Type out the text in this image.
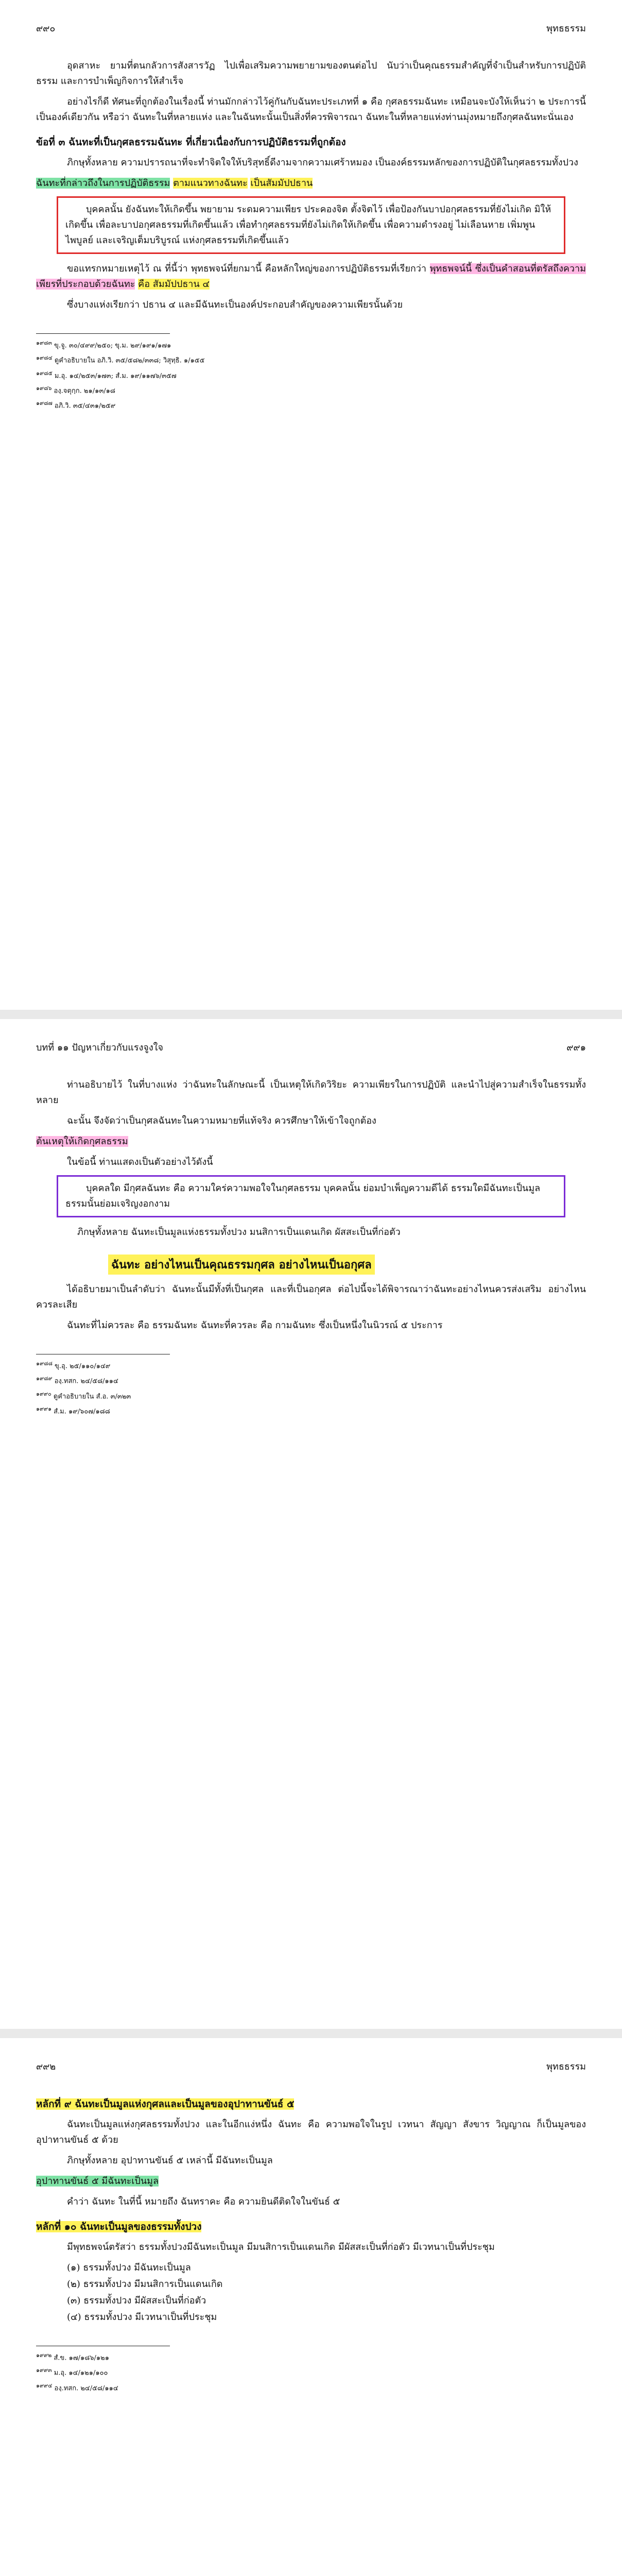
๙๙๐	พุทธธรรม

อุดสาหะ ยามที่ตนกลัวการสังสารวัฏ ไปเพื่อเสริมความพยายามของตนต่อไป นับว่าเป็นคุณธรรมสำคัญที่จำเป็นสำหรับการปฏิบัติธรรม และการบำเพ็ญกิจการให้สำเร็จ

อย่างไรก็ดี ทัศนะที่ถูกต้องในเรื่องนี้ ท่านมักกล่าวไว้คู่กันกับฉันทะประเภทที่ ๑ คือ กุศลธรรมฉันทะ เหมือนจะบังให้เห็นว่า ๒ ประการนี้เป็นองค์เดียวกัน หรือว่า ฉันทะในที่หลายแห่ง และในฉันทะนั้นเป็นสิ่งที่ควรพิจารณา ฉันทะในที่หลายแห่งท่านมุ่งหมายถึงกุศลฉันทะนั่นเอง

ข้อที่ ๓ ฉันทะที่เป็นกุศลธรรมฉันทะ ที่เกี่ยวเนื่องกับการปฏิบัติธรรมที่ถูกต้อง

ภิกษุทั้งหลาย ความปรารถนาที่จะทำจิตใจให้บริสุทธิ์ดีงามจากความเศร้าหมอง เป็นองค์ธรรมหลักของการปฏิบัติในกุศลธรรมทั้งปวง

ฉันทะที่กล่าวถึงในการปฏิบัติธรรม ตามแนวทางฉันทะ เป็นสัมมัปปธาน

บุคคลนั้น ยังฉันทะให้เกิดขึ้น พยายาม ระดมความเพียร ประคองจิต ตั้งจิตไว้ เพื่อป้องกันบาปอกุศลธรรมที่ยังไม่เกิด มิให้เกิดขึ้น เพื่อละบาปอกุศลธรรมที่เกิดขึ้นแล้ว เพื่อทำกุศลธรรมที่ยังไม่เกิดให้เกิดขึ้น เพื่อความดำรงอยู่ ไม่เลือนหาย เพิ่มพูน ไพบูลย์ และเจริญเต็มบริบูรณ์ แห่งกุศลธรรมที่เกิดขึ้นแล้ว

ขอแทรกหมายเหตุไว้ ณ ที่นี้ว่า พุทธพจน์ที่ยกมานี้ คือหลักใหญ่ของการปฏิบัติธรรมที่เรียกว่า พุทธพจน์นี้ ซึ่งเป็นคำสอนที่ตรัสถึงความเพียรที่ประกอบด้วยฉันทะ คือ สัมมัปปธาน ๔

ซึ่งบางแห่งเรียกว่า ปธาน ๔ และมีฉันทะเป็นองค์ประกอบสำคัญของความเพียรนั้นด้วย

$^{๑๙๘๓}$ ขุ.จู. ๓๐/๔๙๙/๒๕๐; ขุ.ม. ๒๙/๑๙๑/๑๗๑

$^{๑๙๘๔}$ ดูคำอธิบายใน อภิ.วิ. ๓๕/๕๘๒/๓๓๘; วิสุทฺธิ. ๑/๑๕๕

$^{๑๙๘๕}$ ม.อุ. ๑๔/๒๕๓/๑๗๓; สํ.ม. ๑๙/๑๑๗๖/๓๕๗

$^{๑๙๘๖}$ องฺ.จตุกฺก. ๒๑/๑๓/๑๘

$^{๑๙๘๗}$ อภิ.วิ. ๓๕/๔๓๑/๒๕๙

บทที่ ๑๑ ปัญหาเกี่ยวกับแรงจูงใจ	๙๙๑

ท่านอธิบายไว้ ในที่บางแห่ง ว่าฉันทะในลักษณะนี้ เป็นเหตุให้เกิดวิริยะ ความเพียรในการปฏิบัติ และนำไปสู่ความสำเร็จในธรรมทั้งหลาย

ฉะนั้น จึงจัดว่าเป็นกุศลฉันทะในความหมายที่แท้จริง ควรศึกษาให้เข้าใจถูกต้อง

ต้นเหตุให้เกิดกุศลธรรม

ในข้อนี้ ท่านแสดงเป็นตัวอย่างไว้ดังนี้

บุคคลใด มีกุศลฉันทะ คือ ความใคร่ความพอใจในกุศลธรรม บุคคลนั้น ย่อมบำเพ็ญความดีได้ ธรรมใดมีฉันทะเป็นมูล ธรรมนั้นย่อมเจริญงอกงาม
ภิกษุทั้งหลาย ฉันทะเป็นมูลแห่งธรรมทั้งปวง มนสิการเป็นแดนเกิด ผัสสะเป็นที่ก่อตัว
ฉันทะ อย่างไหนเป็นคุณธรรมกุศล อย่างไหนเป็นอกุศล

ได้อธิบายมาเป็นลำดับว่า ฉันทะนั้นมีทั้งที่เป็นกุศล และที่เป็นอกุศล ต่อไปนี้จะได้พิจารณาว่าฉันทะอย่างไหนควรส่งเสริม อย่างไหนควรละเสีย

ฉันทะที่ไม่ควรละ คือ ธรรมฉันทะ ฉันทะที่ควรละ คือ กามฉันทะ ซึ่งเป็นหนึ่งในนิวรณ์ ๕ ประการ

$^{๑๙๘๘}$ ขุ.อุ. ๒๕/๑๑๐/๑๔๙

$^{๑๙๘๙}$ องฺ.ทสก. ๒๔/๕๘/๑๑๔

$^{๑๙๙๐}$ ดูคำอธิบายใน สํ.อ. ๓/๓๒๓

$^{๑๙๙๑}$ สํ.ม. ๑๙/๖๐๗/๑๘๘

๙๙๒	พุทธธรรม
หลักที่ ๙ ฉันทะเป็นมูลแห่งกุศลและเป็นมูลของอุปาทานขันธ์ ๕

ฉันทะเป็นมูลแห่งกุศลธรรมทั้งปวง และในอีกแง่หนึ่ง ฉันทะ คือ ความพอใจในรูป เวทนา สัญญา สังขาร วิญญาณ ก็เป็นมูลของอุปาทานขันธ์ ๕ ด้วย

ภิกษุทั้งหลาย อุปาทานขันธ์ ๕ เหล่านี้ มีฉันทะเป็นมูล

อุปาทานขันธ์ ๕ มีฉันทะเป็นมูล

คำว่า ฉันทะ ในที่นี้ หมายถึง ฉันทราคะ คือ ความยินดีติดใจในขันธ์ ๕

หลักที่ ๑๐ ฉันทะเป็นมูลของธรรมทั้งปวง

มีพุทธพจน์ตรัสว่า ธรรมทั้งปวงมีฉันทะเป็นมูล มีมนสิการเป็นแดนเกิด มีผัสสะเป็นที่ก่อตัว มีเวทนาเป็นที่ประชุม

(๑) ธรรมทั้งปวง มีฉันทะเป็นมูล
(๒) ธรรมทั้งปวง มีมนสิการเป็นแดนเกิด
(๓) ธรรมทั้งปวง มีผัสสะเป็นที่ก่อตัว
(๔) ธรรมทั้งปวง มีเวทนาเป็นที่ประชุม

$^{๑๙๙๒}$ สํ.ข. ๑๗/๑๘๖/๑๒๑

$^{๑๙๙๓}$ ม.อุ. ๑๔/๑๒๑/๑๐๐

$^{๑๙๙๔}$ องฺ.ทสก. ๒๔/๕๘/๑๑๔
